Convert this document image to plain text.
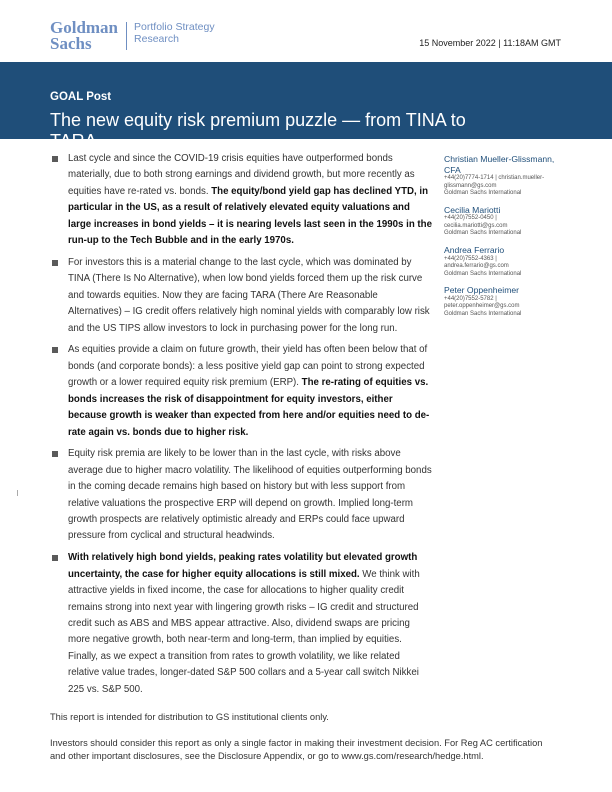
Goldman
Sachs
Portfolio Strategy
Research	15 November 2022 | 11:18AM GMT
GOAL Post
The new equity risk premium puzzle — from TINA to TARA
Last cycle and since the COVID-19 crisis equities have outperformed bonds materially, due to both strong earnings and dividend growth, but more recently as equities have re-rated vs. bonds. The equity/bond yield gap has declined YTD, in particular in the US, as a result of relatively elevated equity valuations and large increases in bond yields – it is nearing levels last seen in the 1990s in the run-up to the Tech Bubble and in the early 1970s.
For investors this is a material change to the last cycle, which was dominated by TINA (There Is No Alternative), when low bond yields forced them up the risk curve and towards equities. Now they are facing TARA (There Are Reasonable Alternatives) – IG credit offers relatively high nominal yields with comparably low risk and the US TIPS allow investors to lock in purchasing power for the long run.
As equities provide a claim on future growth, their yield has often been below that of bonds (and corporate bonds): a less positive yield gap can point to strong expected growth or a lower required equity risk premium (ERP). The re-rating of equities vs. bonds increases the risk of disappointment for equity investors, either because growth is weaker than expected from here and/or equities need to de-rate again vs. bonds due to higher risk.
Equity risk premia are likely to be lower than in the last cycle, with risks above average due to higher macro volatility. The likelihood of equities outperforming bonds in the coming decade remains high based on history but with less support from relative valuations the prospective ERP will depend on growth. Implied long-term growth prospects are relatively optimistic already and ERPs could face upward pressure from cyclical and structural headwinds.
With relatively high bond yields, peaking rates volatility but elevated growth uncertainty, the case for higher equity allocations is still mixed. We think with attractive yields in fixed income, the case for allocations to higher quality credit remains strong into next year with lingering growth risks – IG credit and structured credit such as ABS and MBS appear attractive. Also, dividend swaps are pricing more negative growth, both near-term and long-term, than implied by equities. Finally, as we expect a transition from rates to growth volatility, we like related relative value trades, longer-dated S&P 500 collars and a 5-year call switch Nikkei 225 vs. S&P 500.
Christian Mueller-Glissmann, CFA
+44(20)7774-1714 | christian.mueller-
glissmann@gs.com
Goldman Sachs International
Cecilia Mariotti
+44(20)7552-0450 |
cecilia.mariotti@gs.com
Goldman Sachs International
Andrea Ferrario
+44(20)7552-4363 |
andrea.ferrario@gs.com
Goldman Sachs International
Peter Oppenheimer
+44(20)7552-5782 |
peter.oppenheimer@gs.com
Goldman Sachs International
This report is intended for distribution to GS institutional clients only.
Investors should consider this report as only a single factor in making their investment decision. For Reg AC certification and other important disclosures, see the Disclosure Appendix, or go to www.gs.com/research/hedge.html.
